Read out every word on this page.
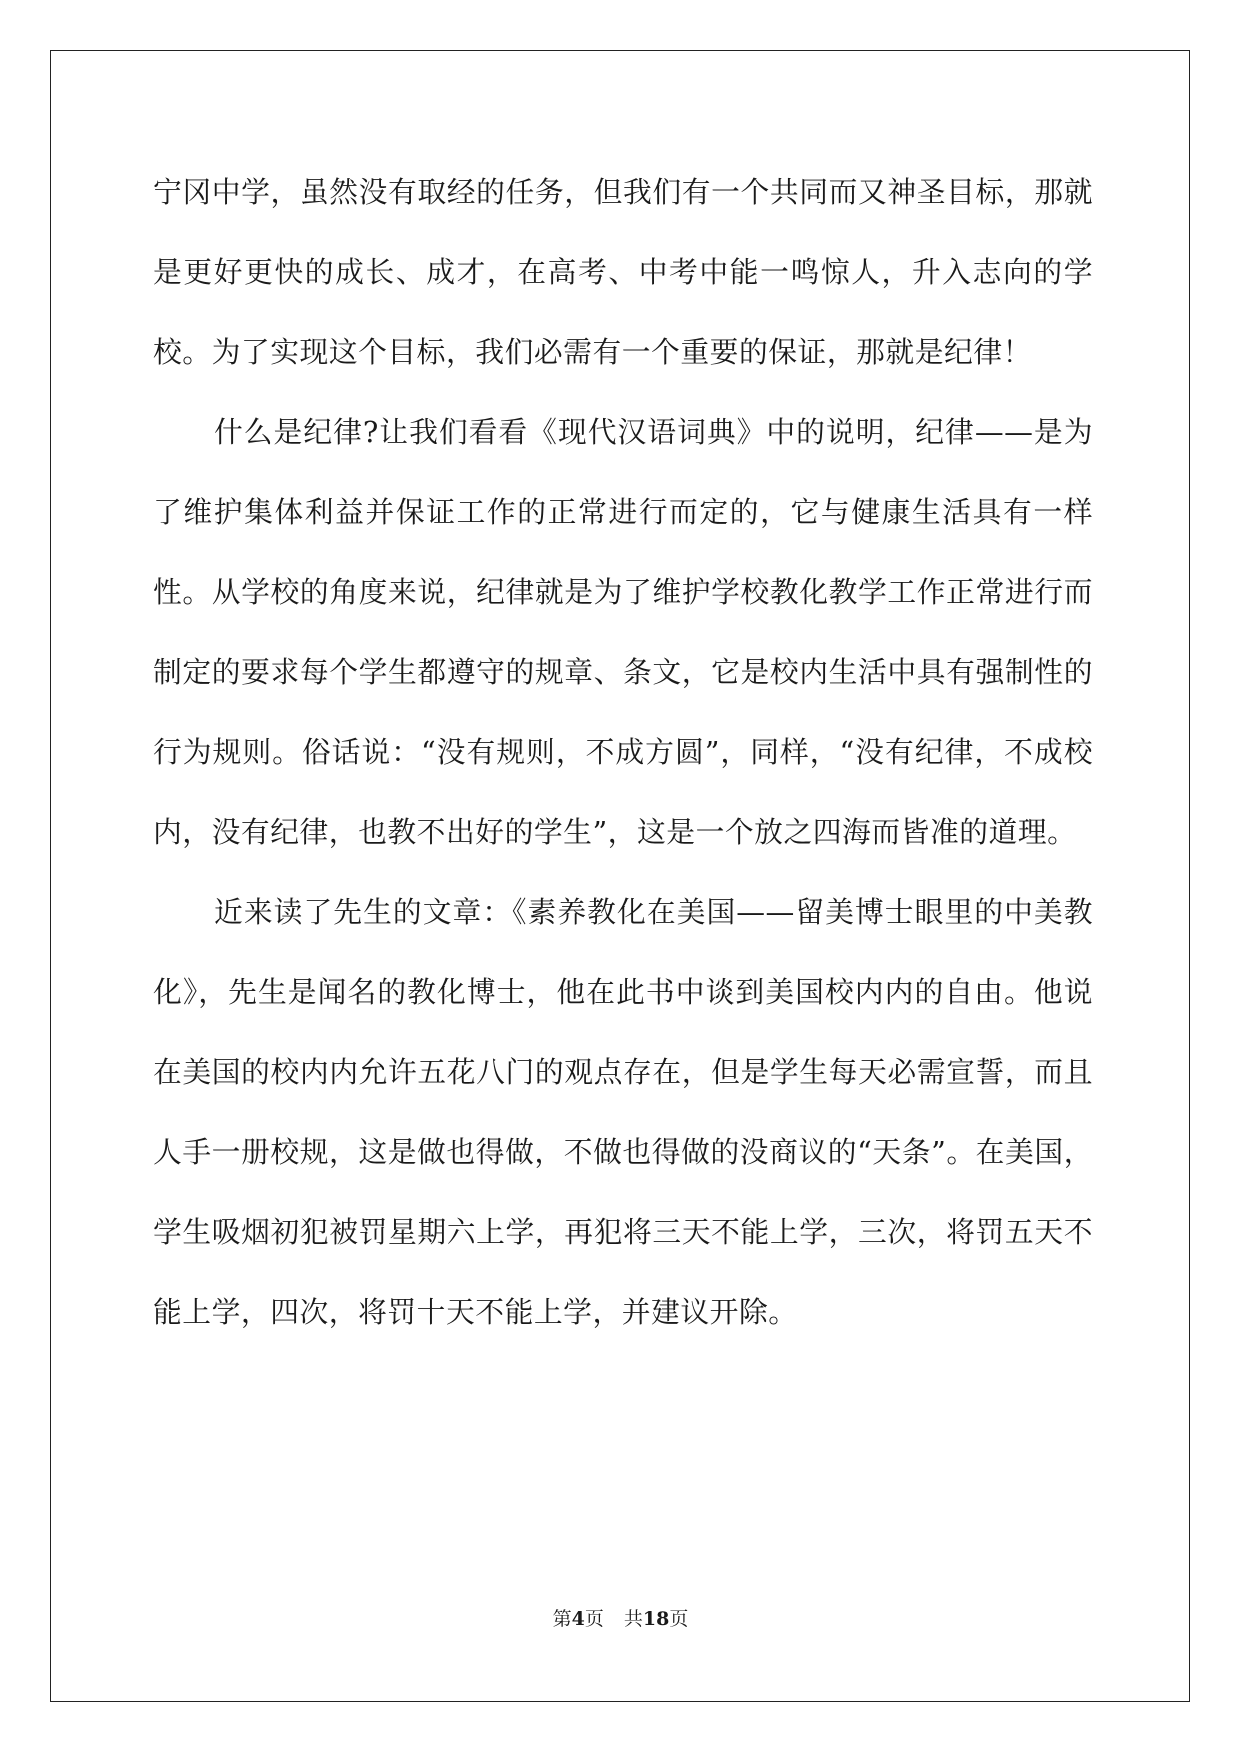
宁冈中学，虽然没有取经的任务，但我们有一个共同而又神圣目标，那就是更好更快的成长、成才，在高考、中考中能一鸣惊人，升入志向的学校。为了实现这个目标，我们必需有一个重要的保证，那就是纪律！

什么是纪律?让我们看看《现代汉语词典》中的说明，纪律——是为了维护集体利益并保证工作的正常进行而定的，它与健康生活具有一样性。从学校的角度来说，纪律就是为了维护学校教化教学工作正常进行而制定的要求每个学生都遵守的规章、条文，它是校内生活中具有强制性的行为规则。俗话说：“没有规则，不成方圆”，同样，“没有纪律，不成校内，没有纪律，也教不出好的学生”，这是一个放之四海而皆准的道理。

近来读了先生的文章：《素养教化在美国——留美博士眼里的中美教化》，先生是闻名的教化博士，他在此书中谈到美国校内内的自由。他说在美国的校内内允许五花八门的观点存在，但是学生每天必需宣誓，而且人手一册校规，这是做也得做，不做也得做的没商议的“天条”。在美国，学生吸烟初犯被罚星期六上学，再犯将三天不能上学，三次，将罚五天不能上学，四次，将罚十天不能上学，并建议开除。

第4页 共18页
